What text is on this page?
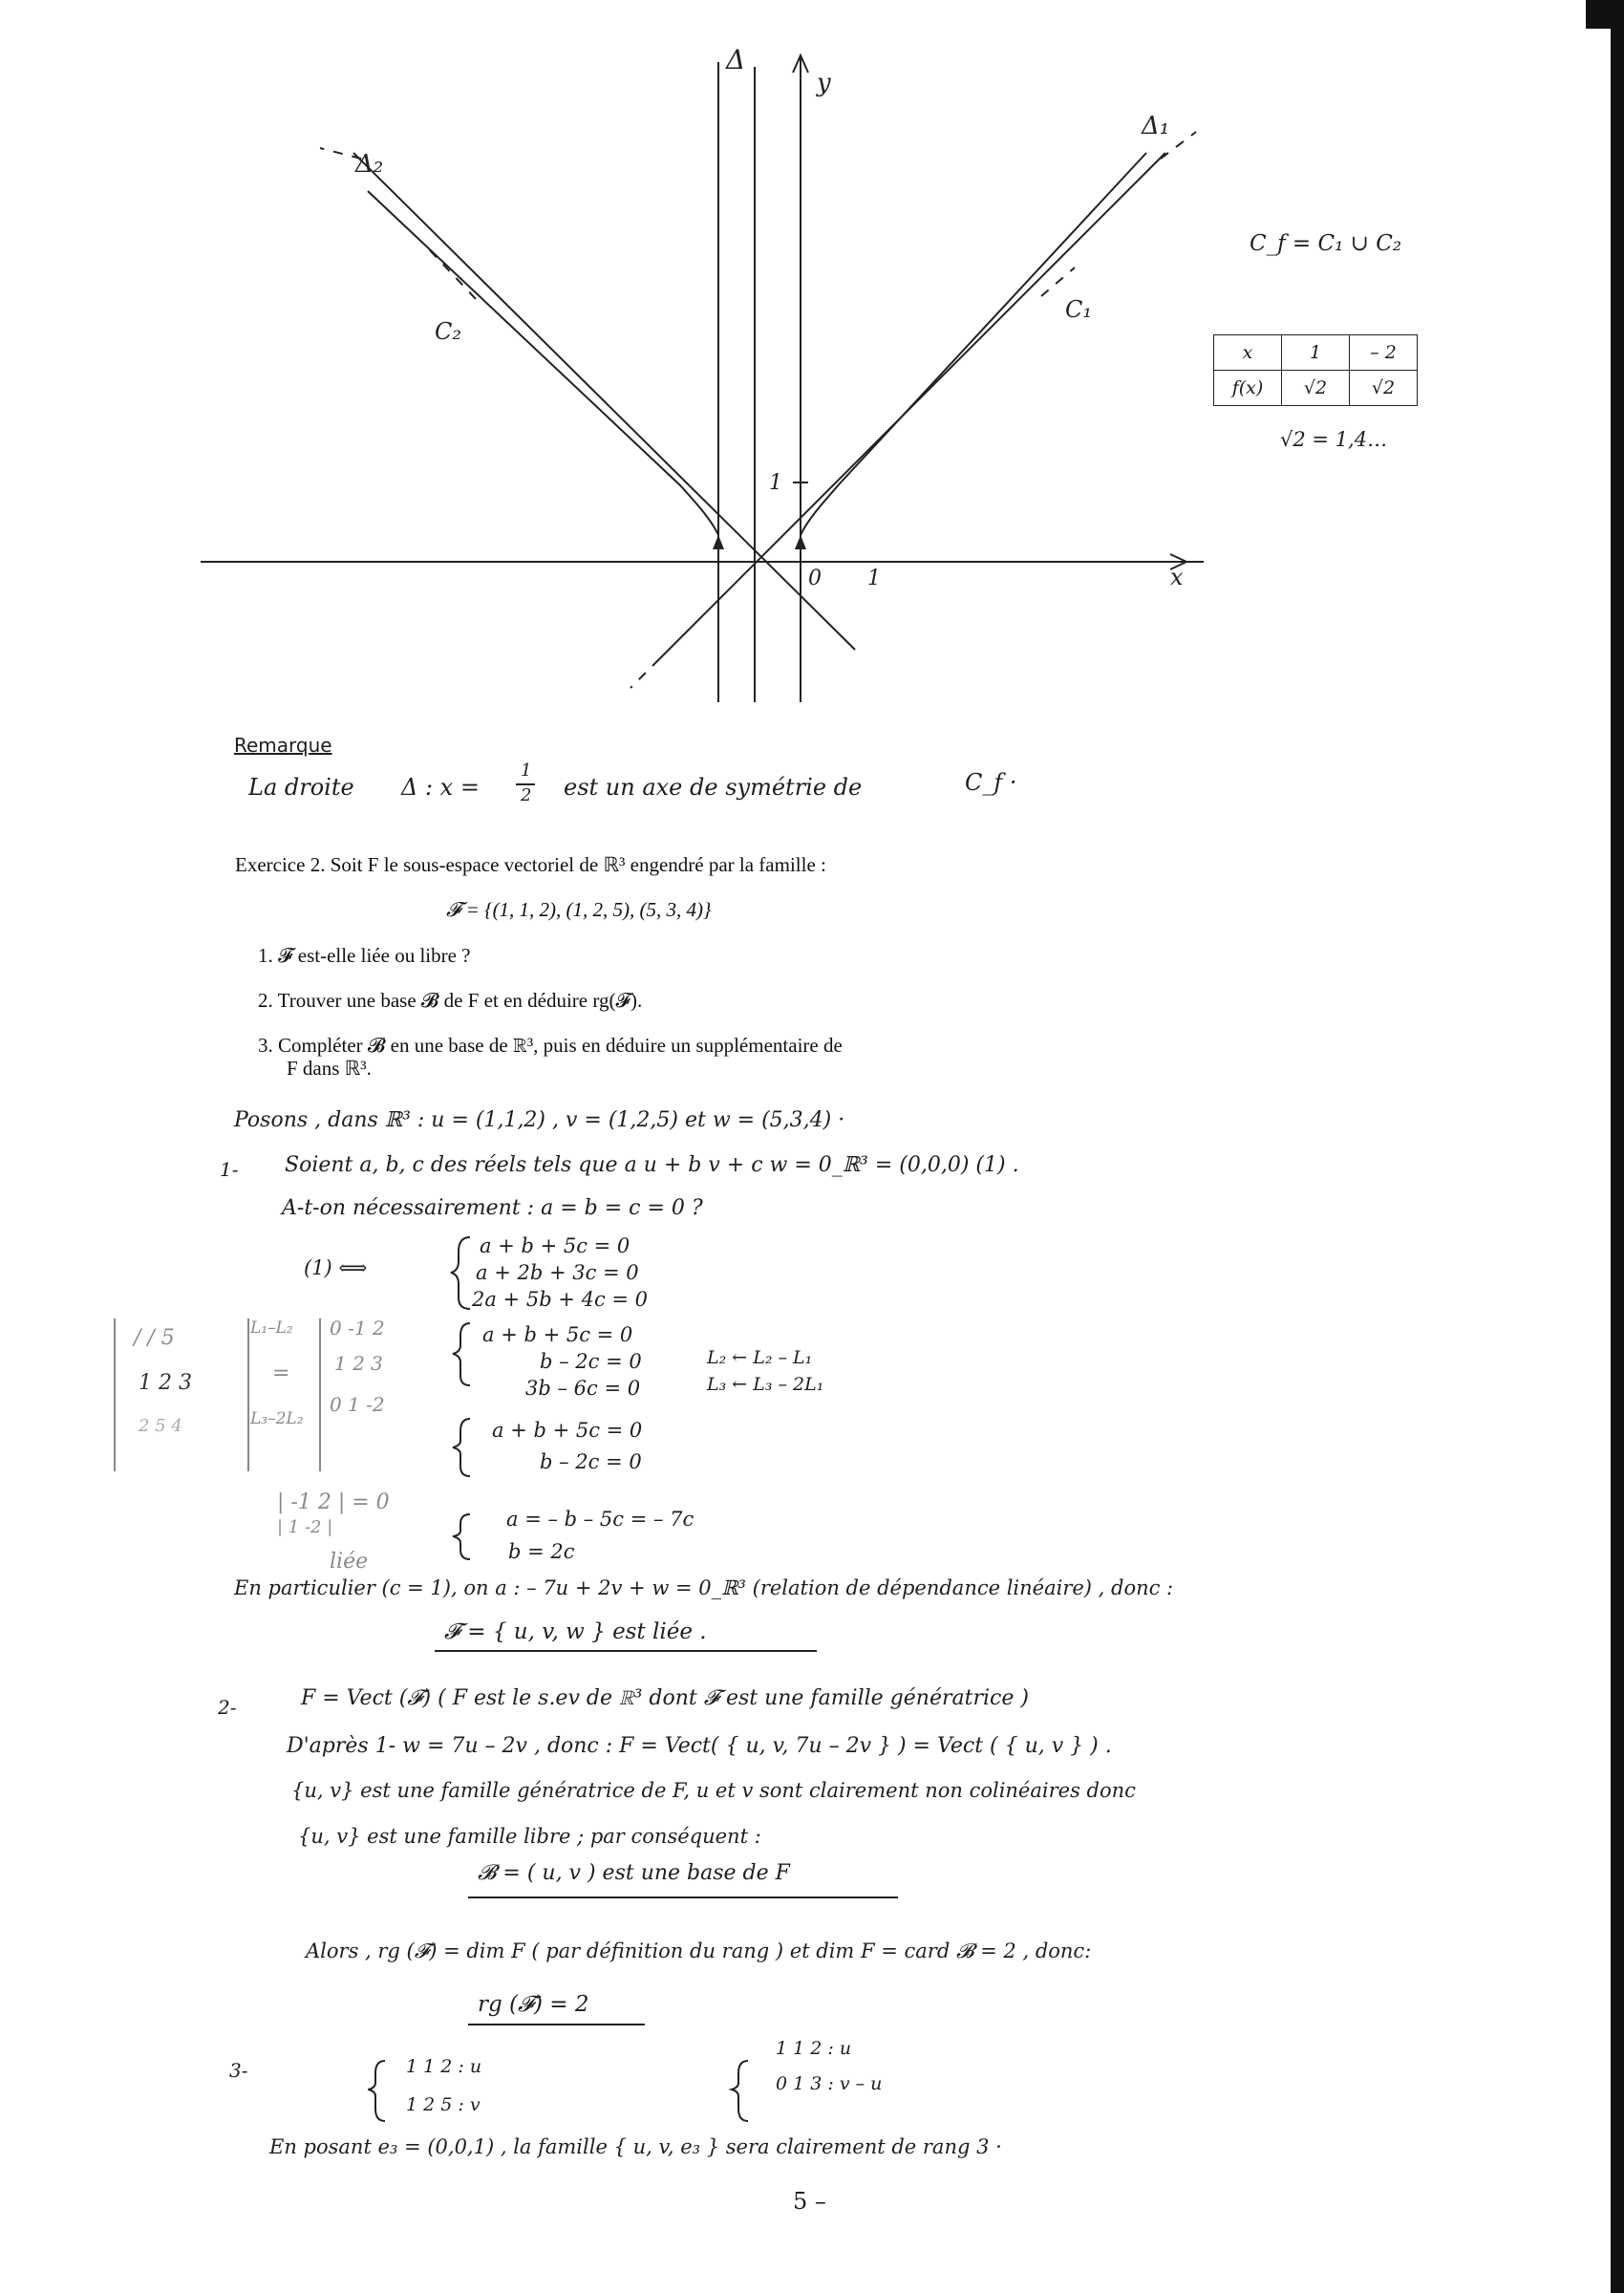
Δ
y
Δ₁
Δ₂
C₁
C₂
1
0 1	x
C_f = C₁ ∪ C₂
x	1	– 2
f(x)	√2	√2
√2 = 1,4…
Remarque
La droite Δ : x =
1
2 est un axe de symétrie de	C_f ·
Exercice 2. Soit F le sous-espace vectoriel de ℝ³ engendré par la famille :
𝓕 = {(1, 1, 2), (1, 2, 5), (5, 3, 4)}
1. 𝓕 est-elle liée ou libre ?
2. Trouver une base 𝓑 de F et en déduire rg(𝓕).
3. Compléter 𝓑 en une base de ℝ³, puis en déduire un supplémentaire de
F dans ℝ³.
Posons , dans ℝ³ : u = (1,1,2) , v = (1,2,5) et w = (5,3,4) ·
1- Soient a, b, c des réels tels que a u + b v + c w = 0_ℝ³ = (0,0,0) (1) .
A-t-on nécessairement : a = b = c = 0 ?
(1) ⟺
a + b + 5c = 0
a + 2b + 3c = 0
2a + 5b + 4c = 0
a + b + 5c = 0
b – 2c = 0
3b – 6c = 0
L₂ ← L₂ – L₁
L₃ ← L₃ – 2L₁
a + b + 5c = 0
b – 2c = 0
a = – b – 5c = – 7c
b = 2c
En particulier (c = 1), on a : – 7u + 2v + w = 0_ℝ³ (relation de dépendance linéaire) , donc :
𝓕 = { u, v, w } est liée .
2-	F = Vect (𝓕) ( F est le s.ev de ℝ³ dont 𝓕 est une famille génératrice )
D'après 1- w = 7u – 2v , donc : F = Vect( { u, v, 7u – 2v } ) = Vect ( { u, v } ) .
{u, v} est une famille génératrice de F, u et v sont clairement non colinéaires donc
{u, v} est une famille libre ; par conséquent :
𝓑 = ( u, v ) est une base de F
Alors , rg (𝓕) = dim F ( par définition du rang ) et dim F = card 𝓑 = 2 , donc:
rg (𝓕) = 2
3-	1 1 2 : u
1 2 5 : v
1 1 2 : u
0 1 3 : v – u
En posant e₃ = (0,0,1) , la famille { u, v, e₃ } sera clairement de rang 3 ·
5 –
/ / 5
1 2 3
2 5 4
L₁–L₂
=
L₃–2L₂
0 -1 2
1 2 3
0 1 -2
| -1 2 | = 0
| 1 -2 |
liée
